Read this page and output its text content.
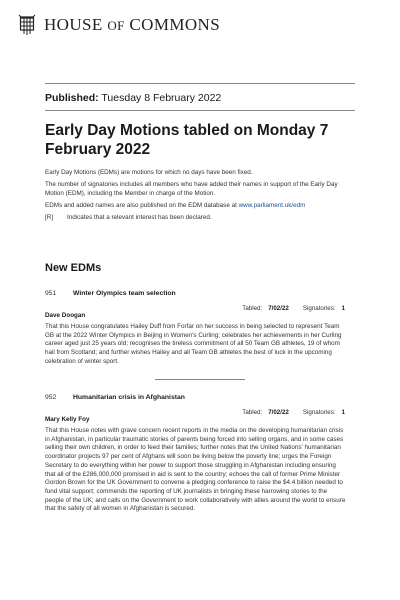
HOUSE OF COMMONS
Published: Tuesday 8 February 2022
Early Day Motions tabled on Monday 7 February 2022

Early Day Motions (EDMs) are motions for which no days have been fixed.

The number of signatories includes all members who have added their names in support of the Early Day Motion (EDM), including the Member in charge of the Motion.

EDMs and added names are also published on the EDM database at www.parliament.uk/edm

[R]	Indicates that a relevant interest has been declared.
New EDMs
951	Winter Olympics team selection
Tabled: 7/02/22 Signatories: 1
Dave Doogan
That this House congratulates Hailey Duff from Forfar on her success in being selected to represent Team GB at the 2022 Winter Olympics in Beijing in Women's Curling; celebrates her achievements in her Curling career aged just 25 years old; recognises the tireless commitment of all 50 Team GB athletes, 19 of whom hail from Scotland; and further wishes Hailey and all Team GB athletes the best of luck in the upcoming celebration of winter sport.
952	Humanitarian crisis in Afghanistan
Tabled: 7/02/22 Signatories: 1
Mary Kelly Foy
That this House notes with grave concern recent reports in the media on the developing humanitarian crisis in Afghanistan, in particular traumatic stories of parents being forced into selling organs, and in some cases selling their own children, in order to feed their families; further notes that the United Nations' humanitarian coordinator projects 97 per cent of Afghans will soon be living below the poverty line; urges the Foreign Secretary to do everything within her power to support those struggling in Afghanistan including ensuring that all of the £286,000,000 promised in aid is sent to the country; echoes the call of former Prime Minister Gordon Brown for the UK Government to convene a pledging conference to raise the $4.4 billion needed to fund vital support; commends the reporting of UK journalists in bringing these harrowing stories to the people of the UK; and calls on the Government to work collaboratively with allies around the world to ensure that the safety of all women in Afghanistan is secured.
